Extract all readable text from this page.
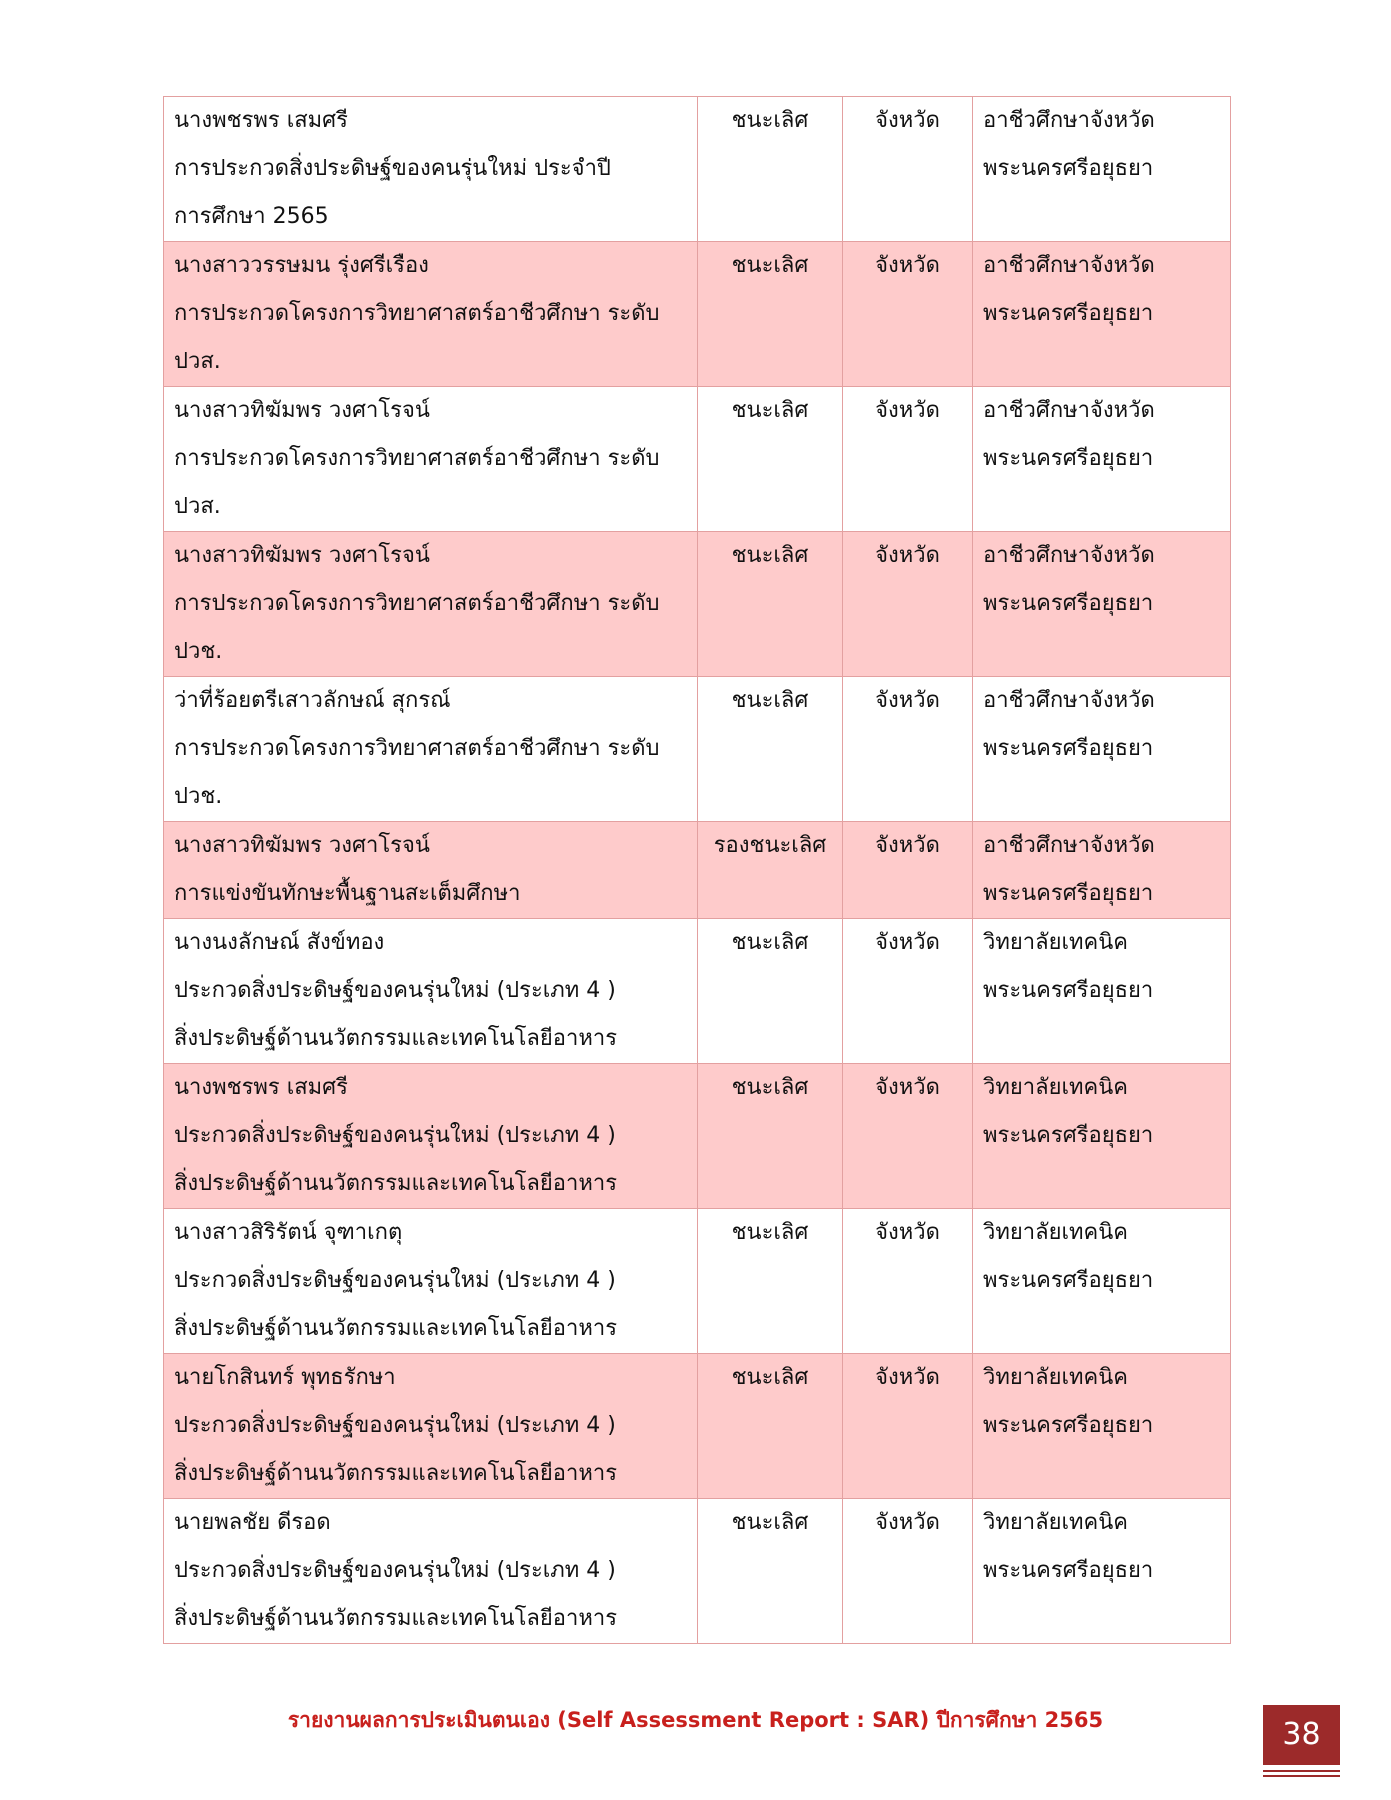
นางพชรพร เสมศรี
การประกวดสิ่งประดิษฐ์ของคนรุ่นใหม่ ประจำปี
การศึกษา 2565	ชนะเลิศ	จังหวัด	อาชีวศึกษาจังหวัด
พระนครศรีอยุธยา

นางสาววรรษมน รุ่งศรีเรือง
การประกวดโครงการวิทยาศาสตร์อาชีวศึกษา ระดับ
ปวส.	ชนะเลิศ	จังหวัด	อาชีวศึกษาจังหวัด
พระนครศรีอยุธยา

นางสาวทิฆัมพร วงศาโรจน์
การประกวดโครงการวิทยาศาสตร์อาชีวศึกษา ระดับ
ปวส.	ชนะเลิศ	จังหวัด	อาชีวศึกษาจังหวัด
พระนครศรีอยุธยา

นางสาวทิฆัมพร วงศาโรจน์
การประกวดโครงการวิทยาศาสตร์อาชีวศึกษา ระดับ
ปวช.	ชนะเลิศ	จังหวัด	อาชีวศึกษาจังหวัด
พระนครศรีอยุธยา

ว่าที่ร้อยตรีเสาวลักษณ์ สุกรณ์
การประกวดโครงการวิทยาศาสตร์อาชีวศึกษา ระดับ
ปวช.	ชนะเลิศ	จังหวัด	อาชีวศึกษาจังหวัด
พระนครศรีอยุธยา

นางสาวทิฆัมพร วงศาโรจน์
การแข่งขันทักษะพื้นฐานสะเต็มศึกษา	รองชนะเลิศ	จังหวัด	อาชีวศึกษาจังหวัด
พระนครศรีอยุธยา

นางนงลักษณ์ สังข์ทอง
ประกวดสิ่งประดิษฐ์ของคนรุ่นใหม่ (ประเภท 4 )
สิ่งประดิษฐ์ด้านนวัตกรรมและเทคโนโลยีอาหาร	ชนะเลิศ	จังหวัด	วิทยาลัยเทคนิค
พระนครศรีอยุธยา

นางพชรพร เสมศรี
ประกวดสิ่งประดิษฐ์ของคนรุ่นใหม่ (ประเภท 4 )
สิ่งประดิษฐ์ด้านนวัตกรรมและเทคโนโลยีอาหาร	ชนะเลิศ	จังหวัด	วิทยาลัยเทคนิค
พระนครศรีอยุธยา

นางสาวสิริรัตน์ จุฑาเกตุ
ประกวดสิ่งประดิษฐ์ของคนรุ่นใหม่ (ประเภท 4 )
สิ่งประดิษฐ์ด้านนวัตกรรมและเทคโนโลยีอาหาร	ชนะเลิศ	จังหวัด	วิทยาลัยเทคนิค
พระนครศรีอยุธยา

นายโกสินทร์ พุทธรักษา
ประกวดสิ่งประดิษฐ์ของคนรุ่นใหม่ (ประเภท 4 )
สิ่งประดิษฐ์ด้านนวัตกรรมและเทคโนโลยีอาหาร	ชนะเลิศ	จังหวัด	วิทยาลัยเทคนิค
พระนครศรีอยุธยา

นายพลชัย ดีรอด
ประกวดสิ่งประดิษฐ์ของคนรุ่นใหม่ (ประเภท 4 )
สิ่งประดิษฐ์ด้านนวัตกรรมและเทคโนโลยีอาหาร	ชนะเลิศ	จังหวัด	วิทยาลัยเทคนิค
พระนครศรีอยุธยา
รายงานผลการประเมินตนเอง (Self Assessment Report : SAR) ปีการศึกษา 2565	38
